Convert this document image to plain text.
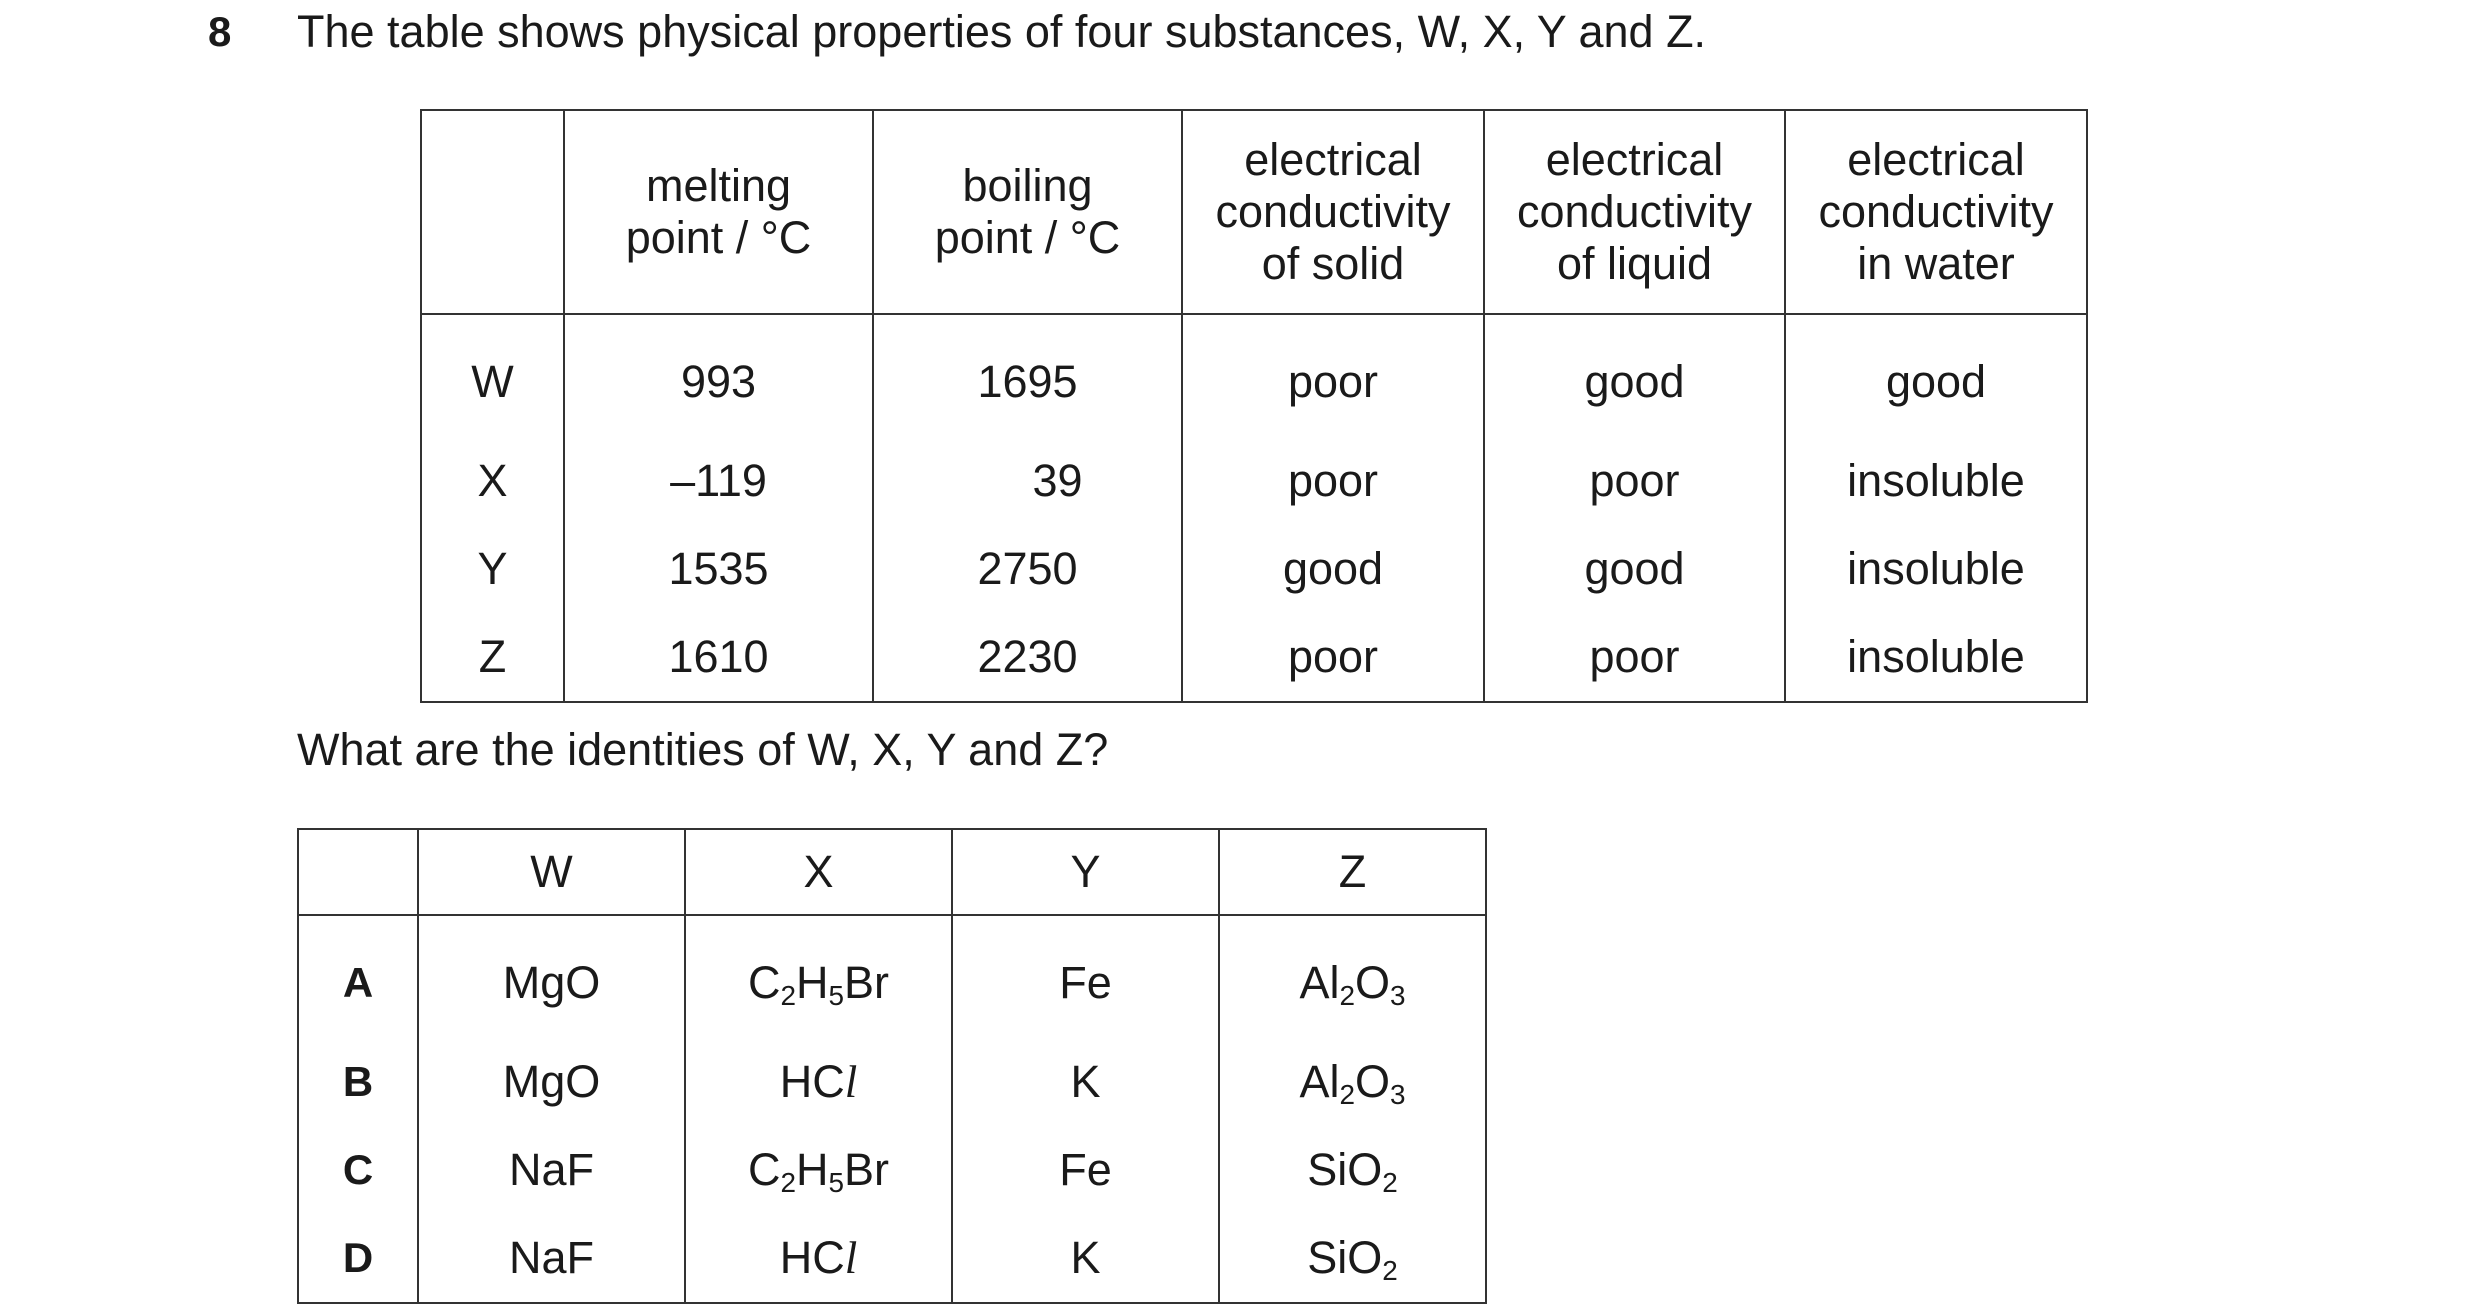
8 The table shows physical properties of four substances, W, X, Y and Z.

	melting
point / °C	boiling
point / °C	electrical
conductivity
of solid	electrical
conductivity
of liquid	electrical
conductivity
in water

W	993	1695	poor	good	good
X	–119	39	poor	poor	insoluble
Y	1535	2750	good	good	insoluble
Z	1610	2230	poor	poor	insoluble
What are the identities of W, X, Y and Z?
	W	X	Y	Z
A	MgO	$C_2H_5Br$	Fe	$Al_2O_3$
B	MgO	HCl	K	$Al_2O_3$
C	NaF	$C_2H_5Br$	Fe	SiO$_2$
D	NaF	HCl	K	SiO$_2$
